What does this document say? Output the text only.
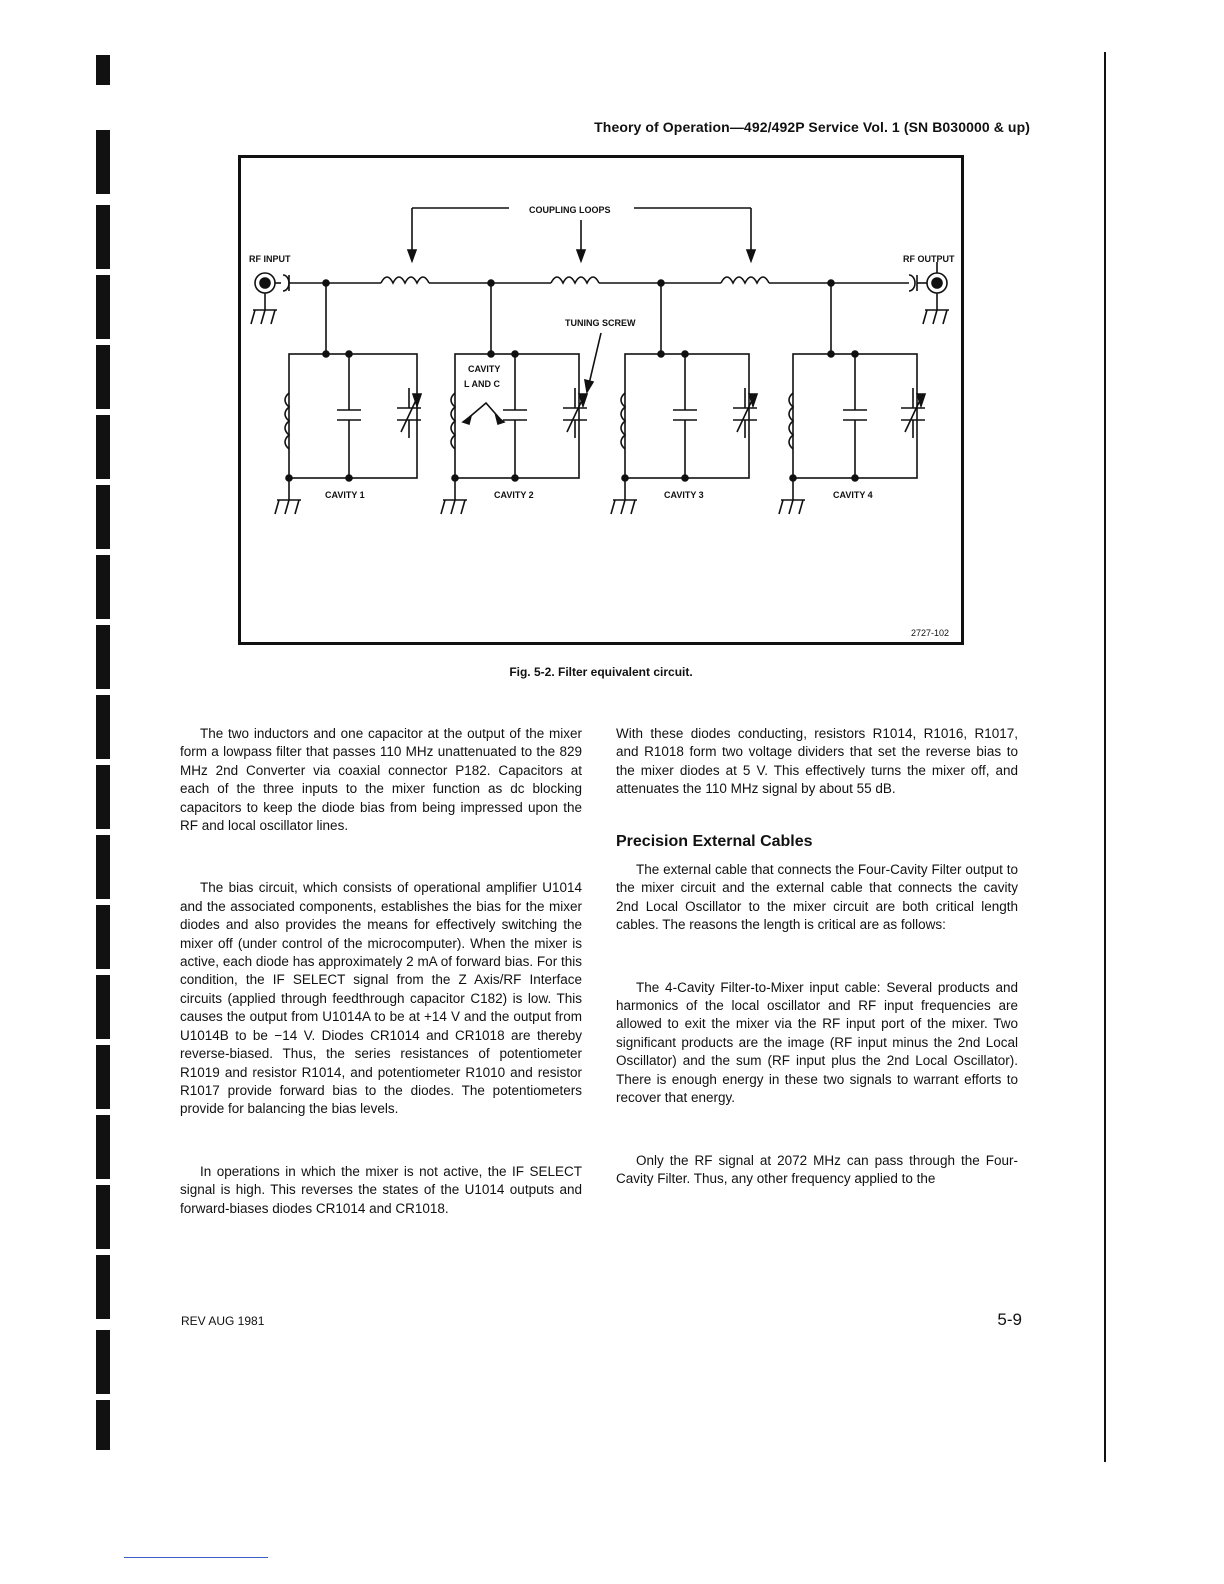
Theory of Operation—492/492P Service Vol. 1 (SN B030000 & up)
COUPLING LOOPS
RF INPUT	RF OUTPUT
CAVITY 1
CAVITY
L AND C
TUNING SCREW
CAVITY 2	CAVITY 3	CAVITY 4
2727-102
Fig. 5-2. Filter equivalent circuit.

The two inductors and one capacitor at the output of the mixer form a lowpass filter that passes 110 MHz unattenuated to the 829 MHz 2nd Converter via coaxial connector P182. Capacitors at each of the three inputs to the mixer function as dc blocking capacitors to keep the diode bias from being impressed upon the RF and local oscillator lines.

The bias circuit, which consists of operational amplifier U1014 and the associated components, establishes the bias for the mixer diodes and also provides the means for effectively switching the mixer off (under control of the microcomputer). When the mixer is active, each diode has approximately 2 mA of forward bias. For this condition, the IF SELECT signal from the Z Axis/RF Interface circuits (applied through feedthrough capacitor C182) is low. This causes the output from U1014A to be at +14 V and the output from U1014B to be −14 V. Diodes CR1014 and CR1018 are thereby reverse-biased. Thus, the series resistances of potentiometer R1019 and resistor R1014, and potentiometer R1010 and resistor R1017 provide forward bias to the diodes. The potentiometers provide for balancing the bias levels.

In operations in which the mixer is not active, the IF SELECT signal is high. This reverses the states of the U1014 outputs and forward-biases diodes CR1014 and CR1018.

With these diodes conducting, resistors R1014, R1016, R1017, and R1018 form two voltage dividers that set the reverse bias to the mixer diodes at 5 V. This effectively turns the mixer off, and attenuates the 110 MHz signal by about 55 dB.

Precision External Cables

The external cable that connects the Four-Cavity Filter output to the mixer circuit and the external cable that connects the cavity 2nd Local Oscillator to the mixer circuit are both critical length cables. The reasons the length is critical are as follows:

The 4-Cavity Filter-to-Mixer input cable: Several products and harmonics of the local oscillator and RF input frequencies are allowed to exit the mixer via the RF input port of the mixer. Two significant products are the image (RF input minus the 2nd Local Oscillator) and the sum (RF input plus the 2nd Local Oscillator). There is enough energy in these two signals to warrant efforts to recover that energy.

Only the RF signal at 2072 MHz can pass through the Four-Cavity Filter. Thus, any other frequency applied to the

REV AUG 1981	5-9
